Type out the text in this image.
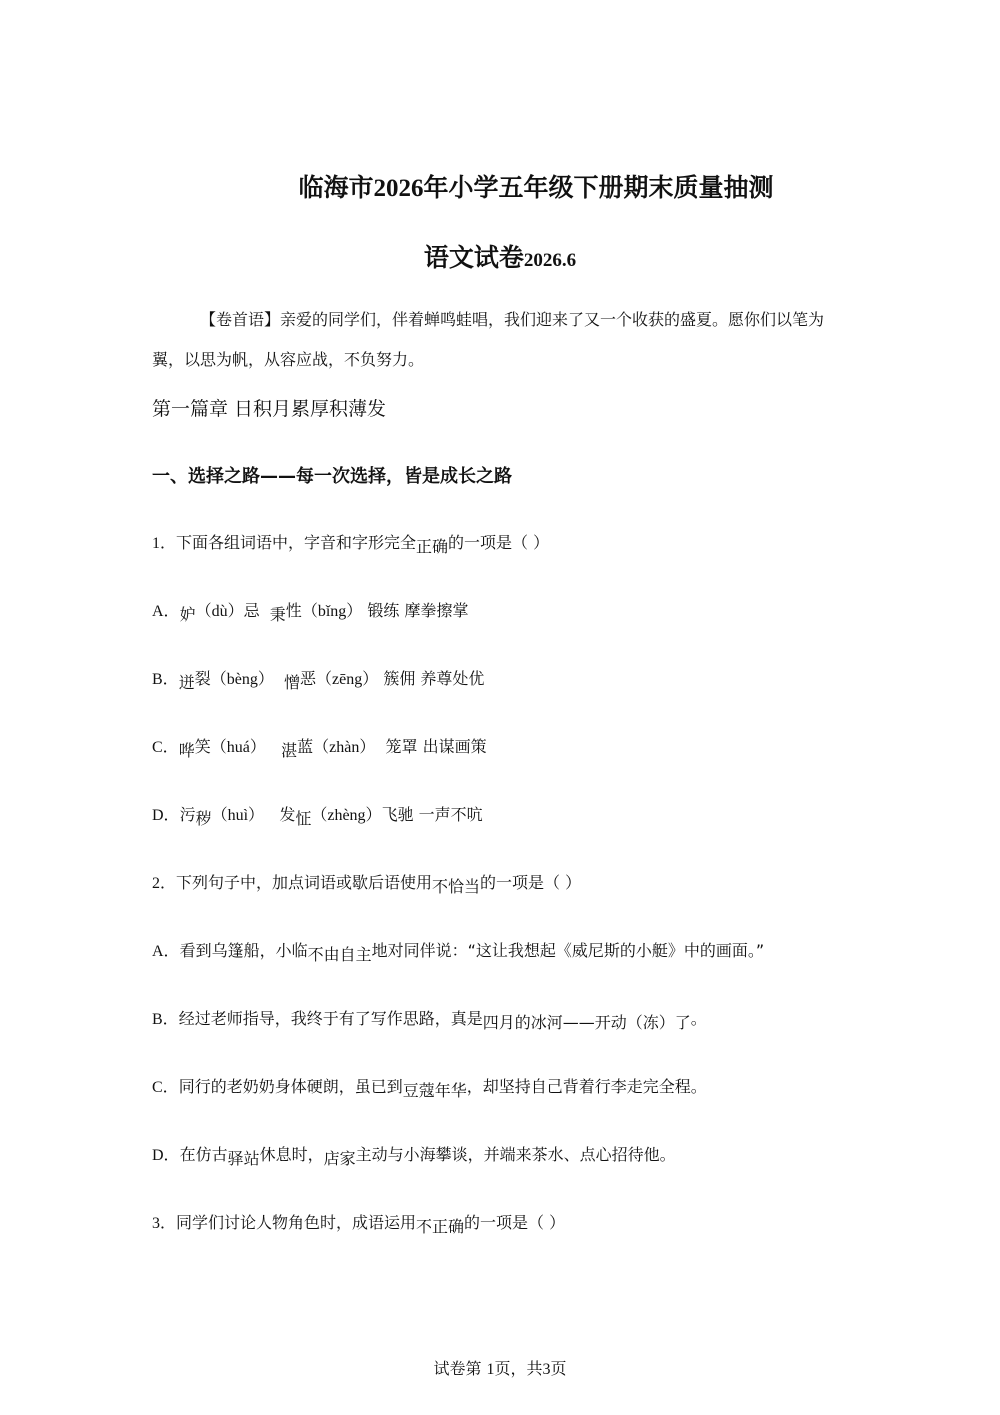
临海市2026年小学五年级下册期末质量抽测
语文试卷2026.6
【卷首语】亲爱的同学们，伴着蝉鸣蛙唱，我们迎来了又一个收获的盛夏。愿你们以笔为翼，以思为帆，从容应战，不负努力。
第一篇章 日积月累厚积薄发
一、选择之路——每一次选择，皆是成长之路
1．下面各组词语中，字音和字形完全正确的一项是（ ）
A．妒（dù）忌 秉性（bǐng） 锻练 摩拳擦掌
B．迸裂（bèng） 憎恶（zēng） 簇佣 养尊处优
C．哗笑（huá） 湛蓝（zhàn） 笼罩 出谋画策
D．污秽（huì） 发怔（zhèng）飞驰 一声不吭
2．下列句子中，加点词语或歇后语使用不恰当的一项是（ ）
A．看到乌篷船，小临不由自主地对同伴说：“这让我想起《威尼斯的小艇》中的画面。”
B．经过老师指导，我终于有了写作思路，真是四月的冰河——开动（冻）了。
C．同行的老奶奶身体硬朗，虽已到豆蔻年华，却坚持自己背着行李走完全程。
D．在仿古驿站休息时，店家主动与小海攀谈，并端来茶水、点心招待他。
3．同学们讨论人物角色时，成语运用不正确的一项是（ ）
试卷第 1页，共3页
